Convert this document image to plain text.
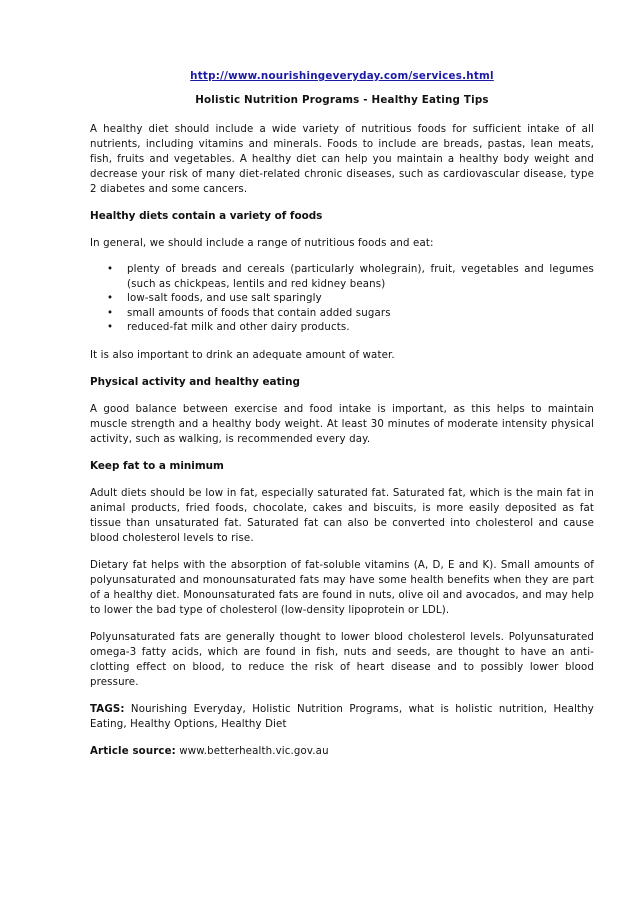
http://www.nourishingeveryday.com/services.html
Holistic Nutrition Programs - Healthy Eating Tips

A healthy diet should include a wide variety of nutritious foods for sufficient intake of all nutrients, including vitamins and minerals. Foods to include are breads, pastas, lean meats, fish, fruits and vegetables. A healthy diet can help you maintain a healthy body weight and decrease your risk of many diet-related chronic diseases, such as cardiovascular disease, type 2 diabetes and some cancers.

Healthy diets contain a variety of foods

In general, we should include a range of nutritious foods and eat:

• plenty of breads and cereals (particularly wholegrain), fruit, vegetables and legumes (such as chickpeas, lentils and red kidney beans)
• low-salt foods, and use salt sparingly
• small amounts of foods that contain added sugars
• reduced-fat milk and other dairy products.

It is also important to drink an adequate amount of water.

Physical activity and healthy eating

A good balance between exercise and food intake is important, as this helps to maintain muscle strength and a healthy body weight. At least 30 minutes of moderate intensity physical activity, such as walking, is recommended every day.

Keep fat to a minimum

Adult diets should be low in fat, especially saturated fat. Saturated fat, which is the main fat in animal products, fried foods, chocolate, cakes and biscuits, is more easily deposited as fat tissue than unsaturated fat. Saturated fat can also be converted into cholesterol and cause blood cholesterol levels to rise.

Dietary fat helps with the absorption of fat-soluble vitamins (A, D, E and K). Small amounts of polyunsaturated and monounsaturated fats may have some health benefits when they are part of a healthy diet. Monounsaturated fats are found in nuts, olive oil and avocados, and may help to lower the bad type of cholesterol (low-density lipoprotein or LDL).

Polyunsaturated fats are generally thought to lower blood cholesterol levels. Polyunsaturated omega-3 fatty acids, which are found in fish, nuts and seeds, are thought to have an anti-clotting effect on blood, to reduce the risk of heart disease and to possibly lower blood pressure.

TAGS: Nourishing Everyday, Holistic Nutrition Programs, what is holistic nutrition, Healthy Eating, Healthy Options, Healthy Diet

Article source: www.betterhealth.vic.gov.au
